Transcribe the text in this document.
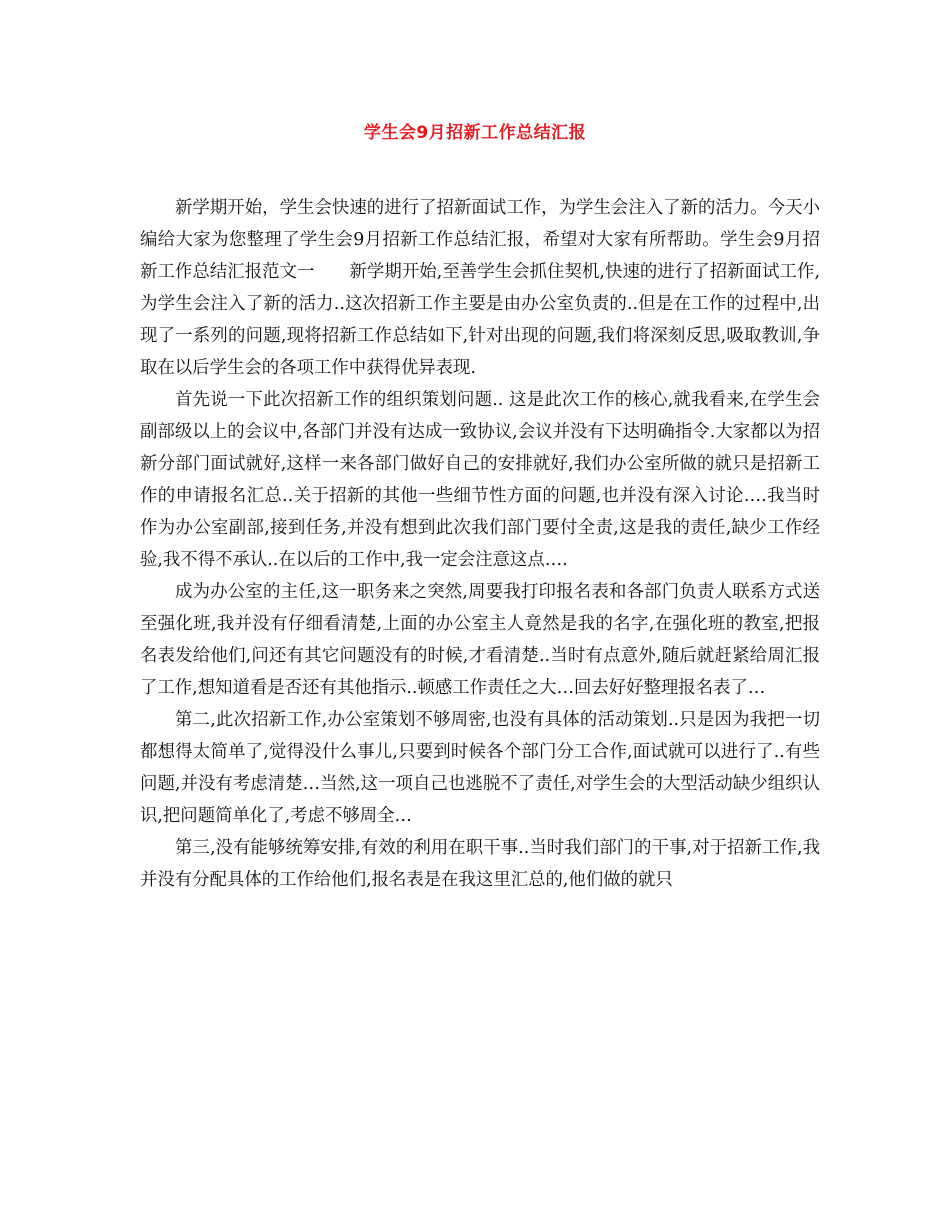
学生会9月招新工作总结汇报

新学期开始，学生会快速的进行了招新面试工作，为学生会注入了新的活力。今天小编给大家为您整理了学生会9月招新工作总结汇报，希望对大家有所帮助。学生会9月招新工作总结汇报范文一　　新学期开始,至善学生会抓住契机,快速的进行了招新面试工作,为学生会注入了新的活力..这次招新工作主要是由办公室负责的..但是在工作的过程中,出现了一系列的问题,现将招新工作总结如下,针对出现的问题,我们将深刻反思,吸取教训,争取在以后学生会的各项工作中获得优异表现.

首先说一下此次招新工作的组织策划问题.. 这是此次工作的核心,就我看来,在学生会副部级以上的会议中,各部门并没有达成一致协议,会议并没有下达明确指令.大家都以为招新分部门面试就好,这样一来各部门做好自己的安排就好,我们办公室所做的就只是招新工作的申请报名汇总..关于招新的其他一些细节性方面的问题,也并没有深入讨论….我当时作为办公室副部,接到任务,并没有想到此次我们部门要付全责,这是我的责任,缺少工作经验,我不得不承认..在以后的工作中,我一定会注意这点….

成为办公室的主任,这一职务来之突然,周要我打印报名表和各部门负责人联系方式送至强化班,我并没有仔细看清楚,上面的办公室主人竟然是我的名字,在强化班的教室,把报名表发给他们,问还有其它问题没有的时候,才看清楚..当时有点意外,随后就赶紧给周汇报了工作,想知道看是否还有其他指示..顿感工作责任之大…回去好好整理报名表了…

第二,此次招新工作,办公室策划不够周密,也没有具体的活动策划..只是因为我把一切都想得太简单了,觉得没什么事儿,只要到时候各个部门分工合作,面试就可以进行了..有些问题,并没有考虑清楚…当然,这一项自己也逃脱不了责任,对学生会的大型活动缺少组织认识,把问题简单化了,考虑不够周全…

第三,没有能够统筹安排,有效的利用在职干事..当时我们部门的干事,对于招新工作,我并没有分配具体的工作给他们,报名表是在我这里汇总的,他们做的就只
